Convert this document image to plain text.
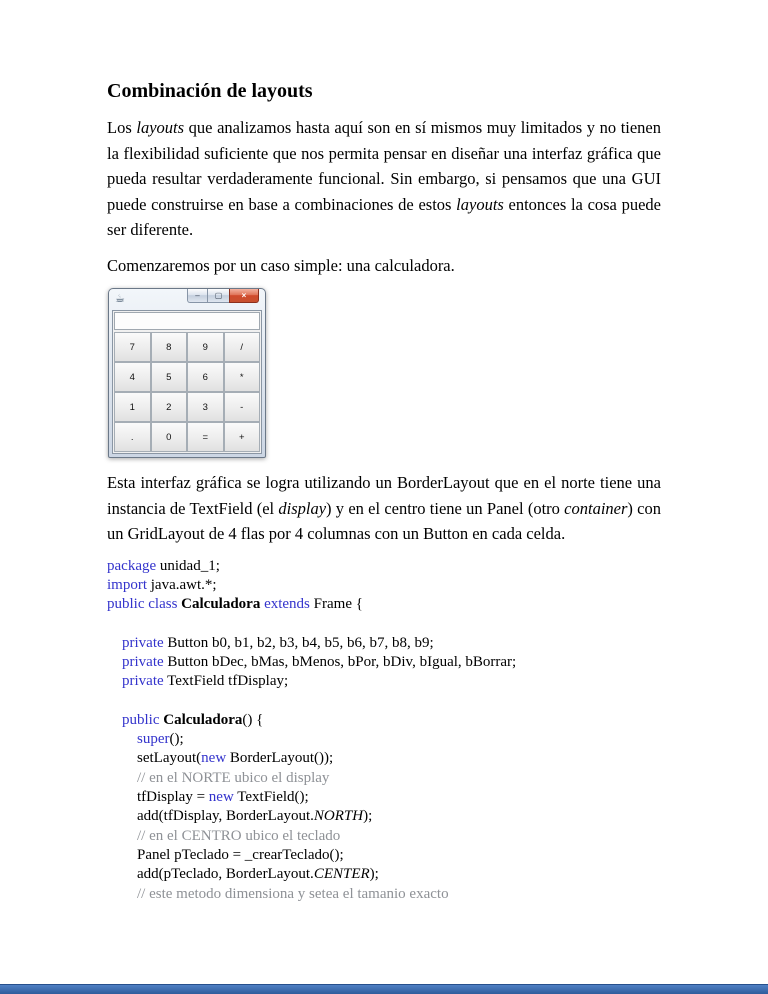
Combinación de layouts

Los layouts que analizamos hasta aquí son en sí mismos muy limitados y no tienen la flexibilidad suficiente que nos permita pensar en diseñar una interfaz gráfica que pueda resultar verdaderamente funcional. Sin embargo, si pensamos que una GUI puede construirse en base a combinaciones de estos layouts entonces la cosa puede ser diferente.

Comenzaremos por un caso simple: una calculadora.

☕	–	▢	×
7	8	9	/
4	5	6	*
1	2	3	-
.	0	=	+

Esta interfaz gráfica se logra utilizando un BorderLayout que en el norte tiene una instancia de TextField (el display) y en el centro tiene un Panel (otro container) con un GridLayout de 4 flas por 4 columnas con un Button en cada celda.

package unidad_1;
import java.awt.*;
public class Calculadora extends Frame {
private Button b0, b1, b2, b3, b4, b5, b6, b7, b8, b9;
private Button bDec, bMas, bMenos, bPor, bDiv, bIgual, bBorrar;
private TextField tfDisplay;
public Calculadora() {
super();
setLayout(new BorderLayout());
// en el NORTE ubico el display
tfDisplay = new TextField();
add(tfDisplay, BorderLayout.NORTH);
// en el CENTRO ubico el teclado
Panel pTeclado = _crearTeclado();
add(pTeclado, BorderLayout.CENTER);
// este metodo dimensiona y setea el tamanio exacto
